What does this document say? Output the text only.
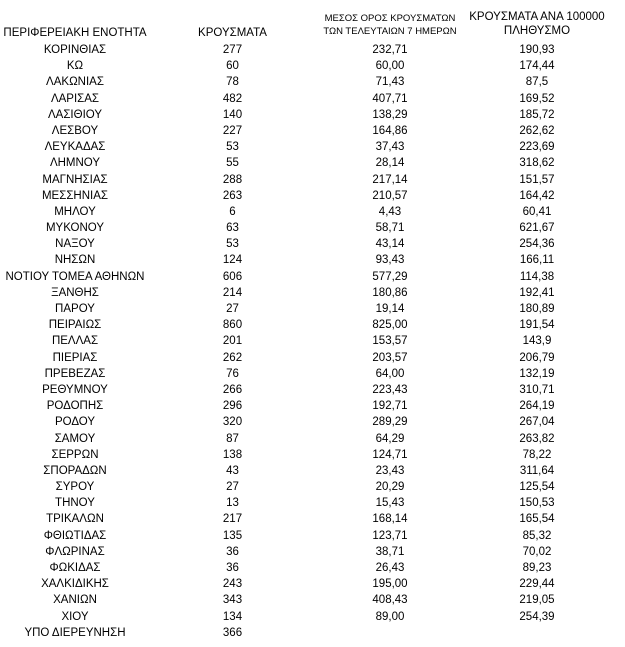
ΠΕΡΙΦΕΡΕΙΑΚΗ ΕΝΟΤΗΤΑ	ΚΡΟΥΣΜΑΤΑ
ΜΕΣΟΣ ΟΡΟΣ ΚΡΟΥΣΜΑΤΩΝ
ΤΩΝ ΤΕΛΕΥΤΑΙΩΝ 7 ΗΜΕΡΩΝ
ΚΡΟΥΣΜΑΤΑ ΑΝΑ 100000
ΠΛΗΘΥΣΜΟ
ΚΟΡΙΝΘΙΑΣ	277	232,71	190,93
ΚΩ	60	60,00	174,44
ΛΑΚΩΝΙΑΣ	78	71,43	87,5
ΛΑΡΙΣΑΣ	482	407,71	169,52
ΛΑΣΙΘΙΟΥ	140	138,29	185,72
ΛΕΣΒΟΥ	227	164,86	262,62
ΛΕΥΚΑΔΑΣ	53	37,43	223,69
ΛΗΜΝΟΥ	55	28,14	318,62
ΜΑΓΝΗΣΙΑΣ	288	217,14	151,57
ΜΕΣΣΗΝΙΑΣ	263	210,57	164,42
ΜΗΛΟΥ	6	4,43	60,41
ΜΥΚΟΝΟΥ	63	58,71	621,67
ΝΑΞΟΥ	53	43,14	254,36
ΝΗΣΩΝ	124	93,43	166,11
ΝΟΤΙΟΥ ΤΟΜΕΑ ΑΘΗΝΩΝ	606	577,29	114,38
ΞΑΝΘΗΣ	214	180,86	192,41
ΠΑΡΟΥ	27	19,14	180,89
ΠΕΙΡΑΙΩΣ	860	825,00	191,54
ΠΕΛΛΑΣ	201	153,57	143,9
ΠΙΕΡΙΑΣ	262	203,57	206,79
ΠΡΕΒΕΖΑΣ	76	64,00	132,19
ΡΕΘΥΜΝΟΥ	266	223,43	310,71
ΡΟΔΟΠΗΣ	296	192,71	264,19
ΡΟΔΟΥ	320	289,29	267,04
ΣΑΜΟΥ	87	64,29	263,82
ΣΕΡΡΩΝ	138	124,71	78,22
ΣΠΟΡΑΔΩΝ	43	23,43	311,64
ΣΥΡΟΥ	27	20,29	125,54
ΤΗΝΟΥ	13	15,43	150,53
ΤΡΙΚΑΛΩΝ	217	168,14	165,54
ΦΘΙΩΤΙΔΑΣ	135	123,71	85,32
ΦΛΩΡΙΝΑΣ	36	38,71	70,02
ΦΩΚΙΔΑΣ	36	26,43	89,23
ΧΑΛΚΙΔΙΚΗΣ	243	195,00	229,44
ΧΑΝΙΩΝ	343	408,43	219,05
ΧΙΟΥ	134	89,00	254,39
ΥΠΟ ΔΙΕΡΕΥΝΗΣΗ	366
